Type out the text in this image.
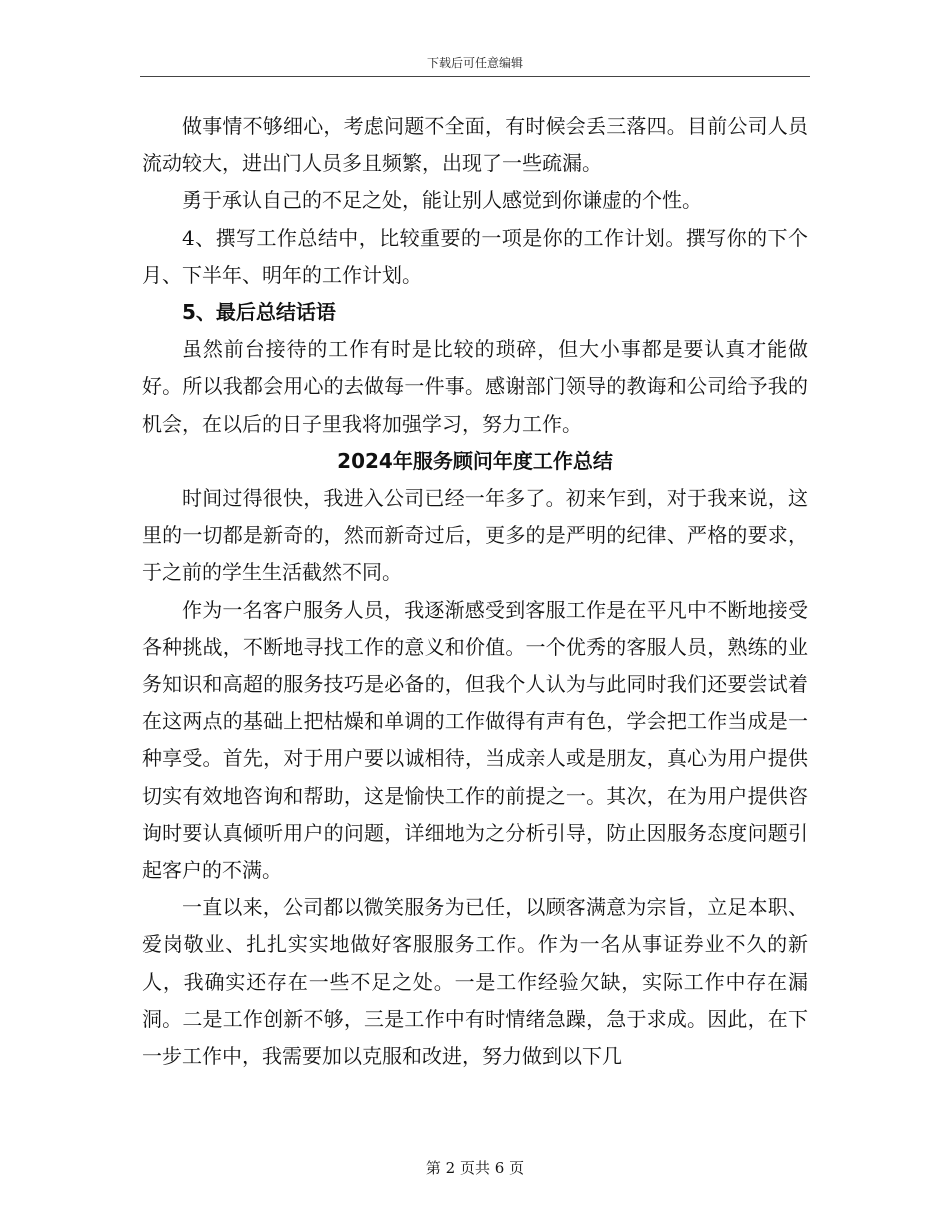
下载后可任意编辑

做事情不够细心，考虑问题不全面，有时候会丢三落四。目前公司人员流动较大，进出门人员多且频繁，出现了一些疏漏。

勇于承认自己的不足之处，能让别人感觉到你谦虚的个性。

4、撰写工作总结中，比较重要的一项是你的工作计划。撰写你的下个月、下半年、明年的工作计划。

5、最后总结话语

虽然前台接待的工作有时是比较的琐碎，但大小事都是要认真才能做好。所以我都会用心的去做每一件事。感谢部门领导的教诲和公司给予我的机会，在以后的日子里我将加强学习，努力工作。

2024年服务顾问年度工作总结

时间过得很快，我进入公司已经一年多了。初来乍到，对于我来说，这里的一切都是新奇的，然而新奇过后，更多的是严明的纪律、严格的要求，于之前的学生生活截然不同。

作为一名客户服务人员，我逐渐感受到客服工作是在平凡中不断地接受各种挑战，不断地寻找工作的意义和价值。一个优秀的客服人员，熟练的业务知识和高超的服务技巧是必备的，但我个人认为与此同时我们还要尝试着在这两点的基础上把枯燥和单调的工作做得有声有色，学会把工作当成是一种享受。首先，对于用户要以诚相待，当成亲人或是朋友，真心为用户提供切实有效地咨询和帮助，这是愉快工作的前提之一。其次，在为用户提供咨询时要认真倾听用户的问题，详细地为之分析引导，防止因服务态度问题引起客户的不满。

一直以来，公司都以微笑服务为已任，以顾客满意为宗旨，立足本职、爱岗敬业、扎扎实实地做好客服服务工作。作为一名从事证券业不久的新人，我确实还存在一些不足之处。一是工作经验欠缺，实际工作中存在漏洞。二是工作创新不够，三是工作中有时情绪急躁，急于求成。因此，在下一步工作中，我需要加以克服和改进，努力做到以下几

第 2 页共 6 页
